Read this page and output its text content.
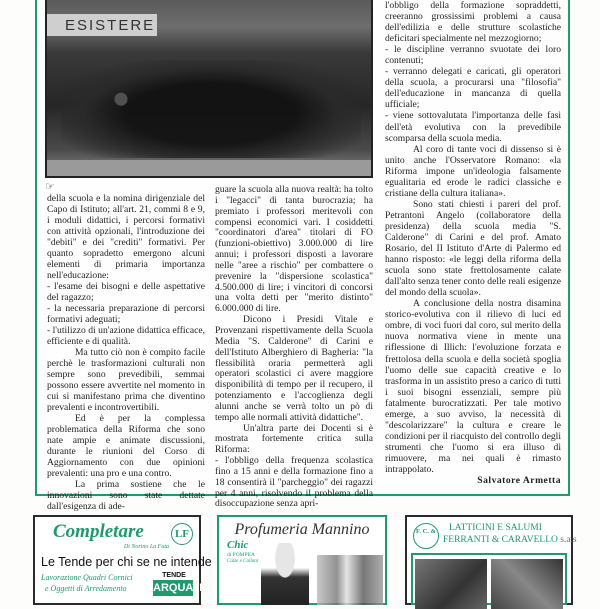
ESISTERE
☞

della scuola e la nomina dirigenziale del Capo di Istituto; all'art. 21, commi 8 e 9, i moduli didattici, i percorsi formativi con attività opzionali, l'introduzione dei "debiti" e dei "crediti" formativi. Per quanto sopradetto emergono alcuni elementi di primaria importanza nell'educazione:

- l'esame dei bisogni e delle aspettative del ragazzo;

- la necessaria preparazione di percorsi formativi adeguati;

- l'utilizzo di un'azione didattica efficace, efficiente e di qualità.

Ma tutto ciò non è compito facile perchè le trasformazioni culturali non sempre sono prevedibili, semmai possono essere avvertite nel momento in cui si manifestano prima che diventino prevalenti e incontrovertibili.

Ed è per la complessa problematica della Riforma che sono nate ampie e animate discussioni, durante le riunioni del Corso di Aggiornamento con due opinioni prevalenti: una pro e una contro.

La prima sostiene che le innovazioni sono state dettate dall'esigenza di ade-

guare la scuola alla nuova realtà: ha tolto i "legacci" di tanta burocrazia; ha premiato i professori meritevoli con compensi economici vari. I cosiddetti "coordinatori d'area" titolari di FO (funzioni-obiettivo) 3.000.000 di lire annui; i professori disposti a lavorare nelle "aree a rischio" per combattere o prevenire la "dispersione scolastica" 4.500.000 di lire; i vincitori di concorsi una volta detti per "merito distinto" 6.000.000 di lire.

Dicono i Presidi Vitale e Provenzani rispettivamente della Scuola Media "S. Calderone" di Carini e dell'Istituto Alberghiero di Bagheria: "la flessibilità oraria permetterà agli operatori scolastici ci avere maggiore disponibilità di tempo per il recupero, il potenziamento e l'accoglienza degli alunni anche se verrà tolto un pò di tempo alle normali attività didattiche".

Un'altra parte dei Docenti si è mostrata fortemente critica sulla Riforma:

- l'obbligo della frequenza scolastica fino a 15 anni e della formazione fino a 18 consentirà il "parcheggio" dei ragazzi per 4 anni, risolvendo il problema della disoccupazione senza apri-

l'obbligo della formazione sopraddetti, creeranno grossissimi problemi a causa dell'edilizia e delle strutture scolastiche deficitari specialmente nel mezzogiorno;

- le discipline verranno svuotate dei loro contenuti;

- verranno delegati e caricati, gli operatori della scuola, a procurarsi una "filosofia" dell'educazione in mancanza di quella ufficiale;

- viene sottovalutata l'importanza delle fasi dell'età evolutiva con la prevedibile scomparsa della scuola media.

Al coro di tante voci di dissenso si è unito anche l'Osservatore Romano: «la Riforma impone un'ideologia falsamente egualitaria ed erode le radici classiche e cristiane della cultura italiana».

Sono stati chiesti i pareri del prof. Petrantoni Angelo (collaboratore della presidenza) della scuola media "S. Calderone" di Carini e del prof. Amato Rosario, del II Istituto d'Arte di Palermo ed hanno risposto: «le leggi della riforma della scuola sono state frettolosamente calate dall'alto senza tener conto delle reali esigenze del mondo della scuola».

A conclusione della nostra disamina storico-evolutiva con il rilievo di luci ed ombre, di voci fuori dal coro, sul merito della nuova normativa viene in mente una riflessione di Illich: l'evoluzione forzata e frettolosa della scuola e della società spoglia l'uomo delle sue capacità creative e lo trasforma in un assistito preso a carico di tutti i suoi bisogni essenziali, sempre più fatalmente burocratizzati. Per tale motivo emerge, a suo avviso, la necessità di "descolarizzare" la cultura e creare le condizioni per il riacquisto del controllo degli strumenti che l'uomo si era illuso di rimuovere, ma nei quali è rimasto intrappolato.

Salvatore Armetta

Completare	LF
Di Norino La Fata
Le Tende per chi se ne intende
Lavorazione Quadri Cornici
e Oggetti di Arredamento
TENDE
ARQUATI
Profumeria Mannino
Chic
di POMPEA
Calze e Collant
F. C. &	LATTICINI E SALUMI
FERRANTI & CARAVELLO s.a.s
